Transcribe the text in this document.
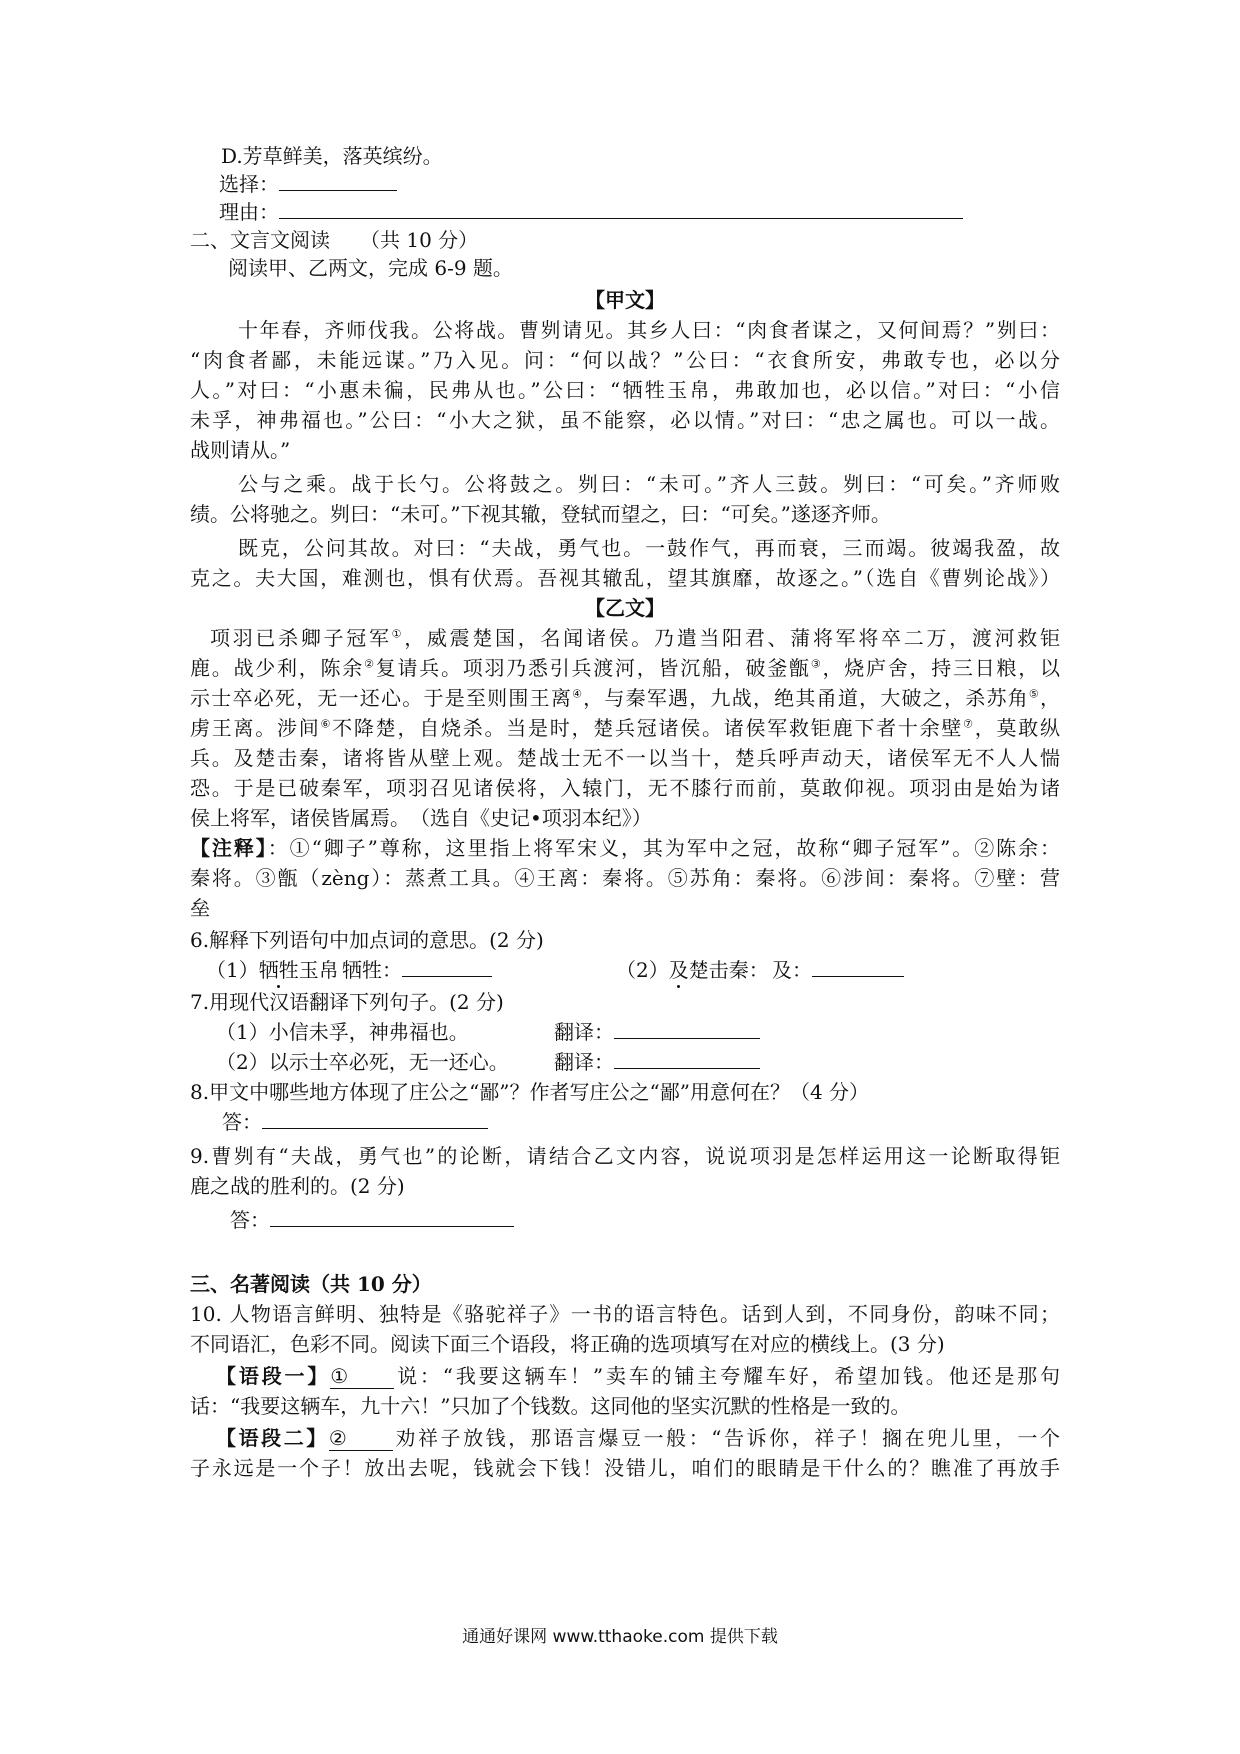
D.芳草鲜美，落英缤纷。
选择：
理由：
二、文言文阅读　　（共 10 分）
阅读甲、乙两文，完成 6-9 题。
【甲文】
十年春，齐师伐我。公将战。曹刿请见。其乡人曰：“肉食者谋之，又何间焉？”刿曰：
“肉食者鄙，未能远谋。”乃入见。问：“何以战？”公曰：“衣食所安，弗敢专也，必以分
人。”对曰：“小惠未徧，民弗从也。”公曰：“牺牲玉帛，弗敢加也，必以信。”对曰：“小信
未孚，神弗福也。”公曰：“小大之狱，虽不能察，必以情。”对曰：“忠之属也。可以一战。
战则请从。”
公与之乘。战于长勺。公将鼓之。刿曰：“未可。”齐人三鼓。刿曰：“可矣。”齐师败
绩。公将驰之。刿曰：“未可。”下视其辙，登轼而望之，曰：“可矣。”遂逐齐师。
既克，公问其故。对曰：“夫战，勇气也。一鼓作气，再而衰，三而竭。彼竭我盈，故
克之。夫大国，难测也，惧有伏焉。吾视其辙乱，望其旗靡，故逐之。”（选自《曹刿论战》）
【乙文】
项羽已杀卿子冠军①，威震楚国，名闻诸侯。乃遣当阳君、蒲将军将卒二万，渡河救钜
鹿。战少利，陈余②复请兵。项羽乃悉引兵渡河，皆沉船，破釜甑③，烧庐舍，持三日粮，以
示士卒必死，无一还心。于是至则围王离④，与秦军遇，九战，绝其甬道，大破之，杀苏角⑤，
虏王离。涉间⑥不降楚，自烧杀。当是时，楚兵冠诸侯。诸侯军救钜鹿下者十余壁⑦，莫敢纵
兵。及楚击秦，诸将皆从壁上观。楚战士无不一以当十，楚兵呼声动天，诸侯军无不人人惴
恐。于是已破秦军，项羽召见诸侯将，入辕门，无不膝行而前，莫敢仰视。项羽由是始为诸
侯上将军，诸侯皆属焉。　（选自《史记•项羽本纪》）
【注释】：①“卿子”尊称，这里指上将军宋义，其为军中之冠，故称“卿子冠军”。②陈余：
秦将。③甑（zèng）：蒸煮工具。④王离：秦将。⑤苏角：秦将。⑥涉间：秦将。⑦壁：营
垒
6.解释下列语句中加点词的意思。(2 分)
（1）牺牲玉帛 牺牲：	（2）及楚击秦： 及：
7.用现代汉语翻译下列句子。(2 分)
（1）小信未孚，神弗福也。	翻译：
（2）以示士卒必死，无一还心。 翻译：
8.甲文中哪些地方体现了庄公之“鄙”？作者写庄公之“鄙”用意何在？（4 分）
答：
9.曹刿有“夫战，勇气也”的论断，请结合乙文内容，说说项羽是怎样运用这一论断取得钜
鹿之战的胜利的。(2 分)
答：
三、名著阅读（共 10 分）
10. 人物语言鲜明、独特是《骆驼祥子》一书的语言特色。话到人到，不同身份，韵味不同；
不同语汇，色彩不同。阅读下面三个语段，将正确的选项填写在对应的横线上。(3 分)
【语段一】① 说：“我要这辆车！”卖车的铺主夸耀车好，希望加钱。他还是那句
话：“我要这辆车，九十六！”只加了个钱数。这同他的坚实沉默的性格是一致的。
【语段二】② 劝祥子放钱，那语言爆豆一般：“告诉你，祥子！搁在兜儿里，一个
子永远是一个子！放出去呢，钱就会下钱！没错儿，咱们的眼睛是干什么的？瞧准了再放手
通通好课网 www.tthaoke.com 提供下载
